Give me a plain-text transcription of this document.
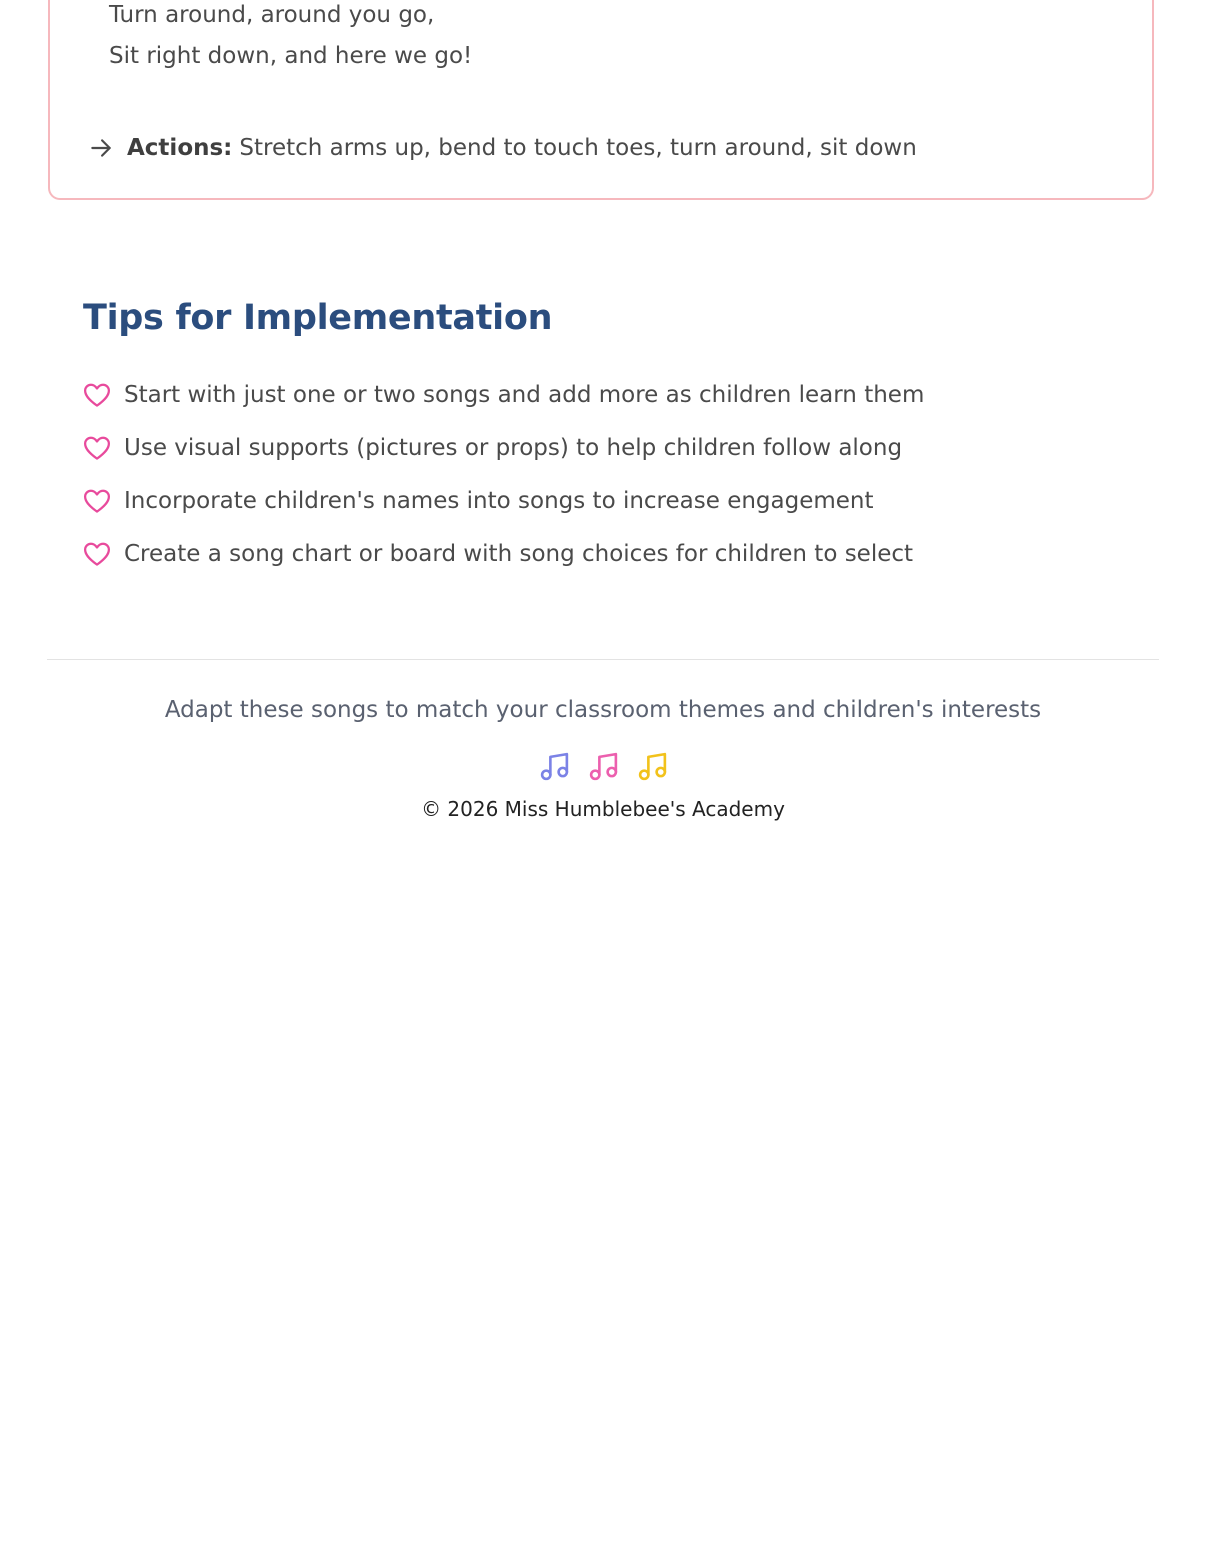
Turn around, around you go,
Sit right down, and here we go!
Actions: Stretch arms up, bend to touch toes, turn around, sit down
Tips for Implementation
Start with just one or two songs and add more as children learn them
Use visual supports (pictures or props) to help children follow along
Incorporate children's names into songs to increase engagement
Create a song chart or board with song choices for children to select
Adapt these songs to match your classroom themes and children's interests
© 2026 Miss Humblebee's Academy
